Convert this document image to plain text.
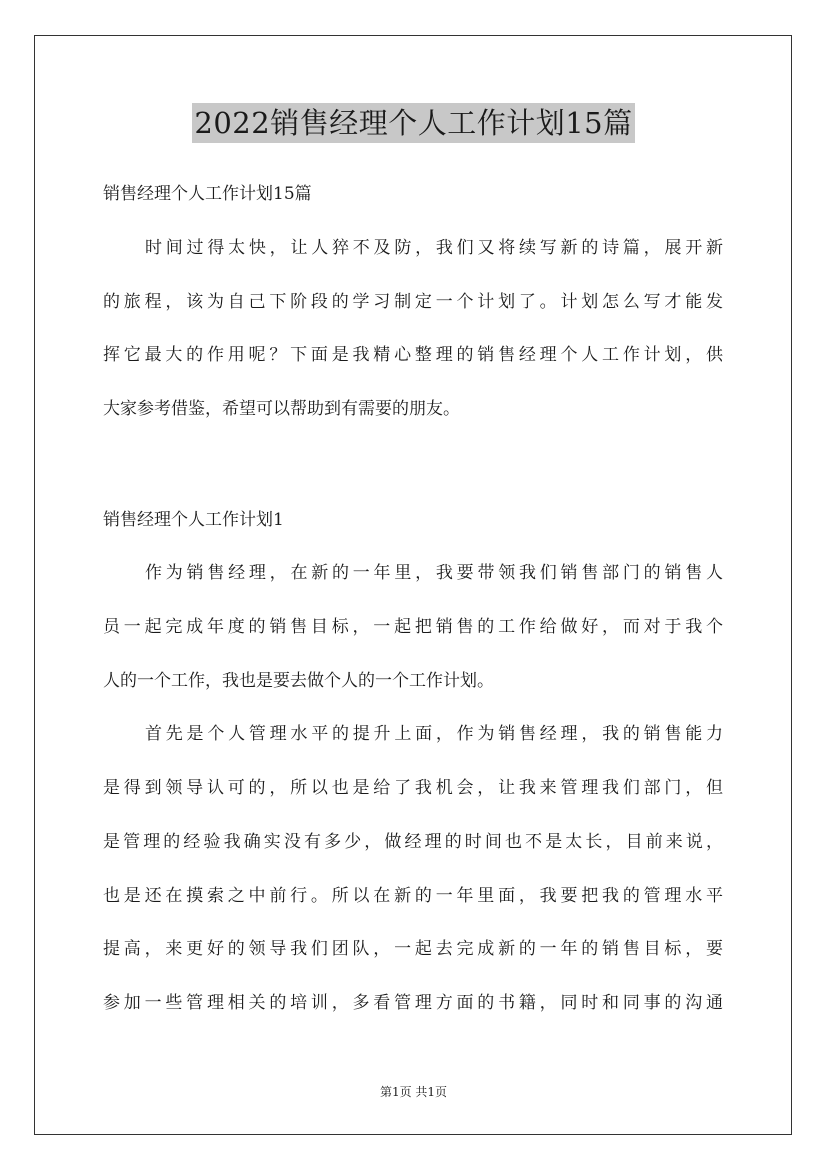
2022销售经理个人工作计划15篇

销售经理个人工作计划15篇

时间过得太快，让人猝不及防，我们又将续写新的诗篇，展开新

的旅程，该为自己下阶段的学习制定一个计划了。计划怎么写才能发

挥它最大的作用呢？下面是我精心整理的销售经理个人工作计划，供

大家参考借鉴，希望可以帮助到有需要的朋友。

销售经理个人工作计划1

作为销售经理，在新的一年里，我要带领我们销售部门的销售人

员一起完成年度的销售目标，一起把销售的工作给做好，而对于我个

人的一个工作，我也是要去做个人的一个工作计划。

首先是个人管理水平的提升上面，作为销售经理，我的销售能力

是得到领导认可的，所以也是给了我机会，让我来管理我们部门，但

是管理的经验我确实没有多少，做经理的时间也不是太长，目前来说，

也是还在摸索之中前行。所以在新的一年里面，我要把我的管理水平

提高，来更好的领导我们团队，一起去完成新的一年的销售目标，要

参加一些管理相关的培训，多看管理方面的书籍，同时和同事的沟通

第1页 共1页
